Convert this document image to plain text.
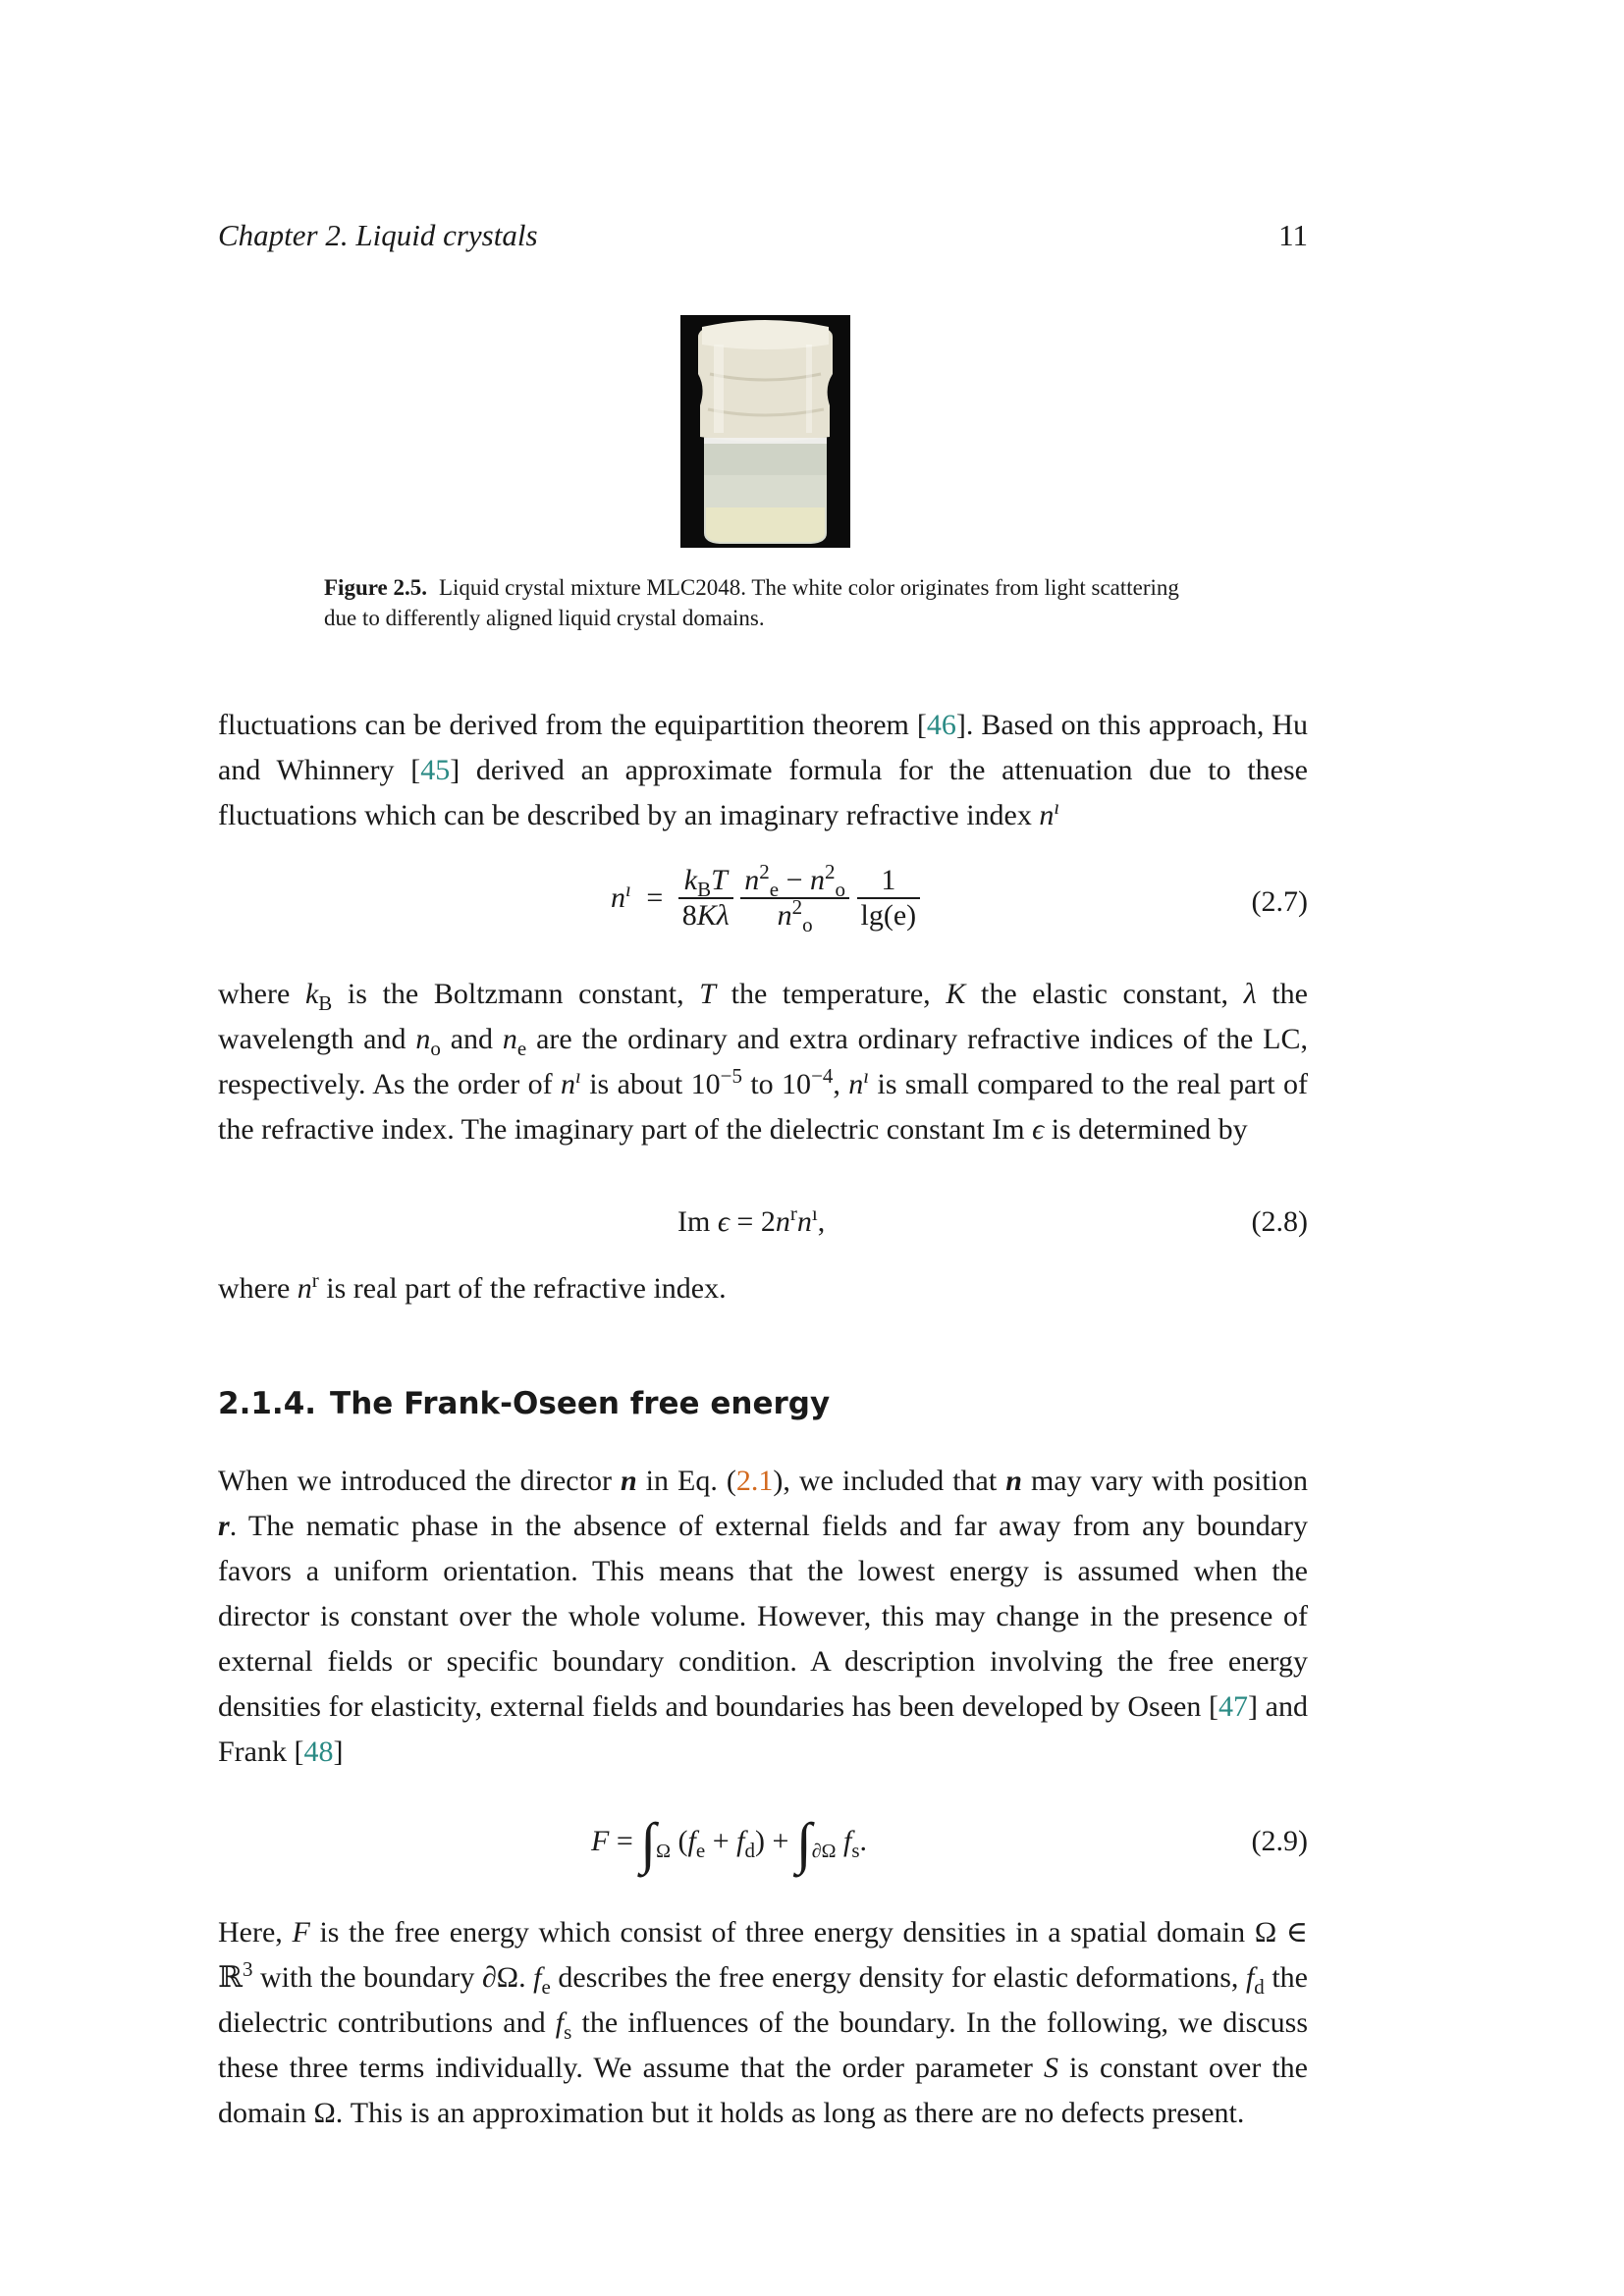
Chapter 2. Liquid crystals	11
Figure 2.5. Liquid crystal mixture MLC2048. The white color originates from light scattering due to differently aligned liquid crystal domains.
fluctuations can be derived from the equipartition theorem [46]. Based on this approach, Hu and Whinnery [45] derived an approximate formula for the attenuation due to these fluctuations which can be described by an imaginary refractive index $n^ı$
$n^ı = \frac{k_BT}{8K\lambda}$
$\frac{n^2_e - n^2_o}{n^2_o}$
$\frac{1}{\lg(e)}$	(2.7)
where $k_B$ is the Boltzmann constant, T the temperature, K the elastic constant, λ the wavelength and $n_o$ and $n_e$ are the ordinary and extra ordinary refractive indices of the LC, respectively. As the order of $n^ı$ is about $10^{-5}$ to $10^{-4}$, $n^ı$ is small compared to the real part of the refractive index. The imaginary part of the dielectric constant Im ϵ is determined by
Im $\epsilon = 2n^rn^ı$,	(2.8)
where $n^r$ is real part of the refractive index.
2.1.4. The Frank-Oseen free energy
When we introduced the director n in Eq. (2.1), we included that n may vary with position r. The nematic phase in the absence of external fields and far away from any boundary favors a uniform orientation. This means that the lowest energy is assumed when the director is constant over the whole volume. However, this may change in the presence of external fields or specific boundary condition. A description involving the free energy densities for elasticity, external fields and boundaries has been developed by Oseen [47] and Frank [48]
$F = \int_\Omega$ $(f_e + f_d) + \int_{\partial\Omega}$ $f_s$.	(2.9)
Here, F is the free energy which consist of three energy densities in a spatial domain Ω ∈ ℝ$^3$ with the boundary ∂Ω. $f_e$ describes the free energy density for elastic deformations, $f_d$ the dielectric contributions and $f_s$ the influences of the boundary. In the following, we discuss these three terms individually. We assume that the order parameter S is constant over the domain Ω. This is an approximation but it holds as long as there are no defects present.
